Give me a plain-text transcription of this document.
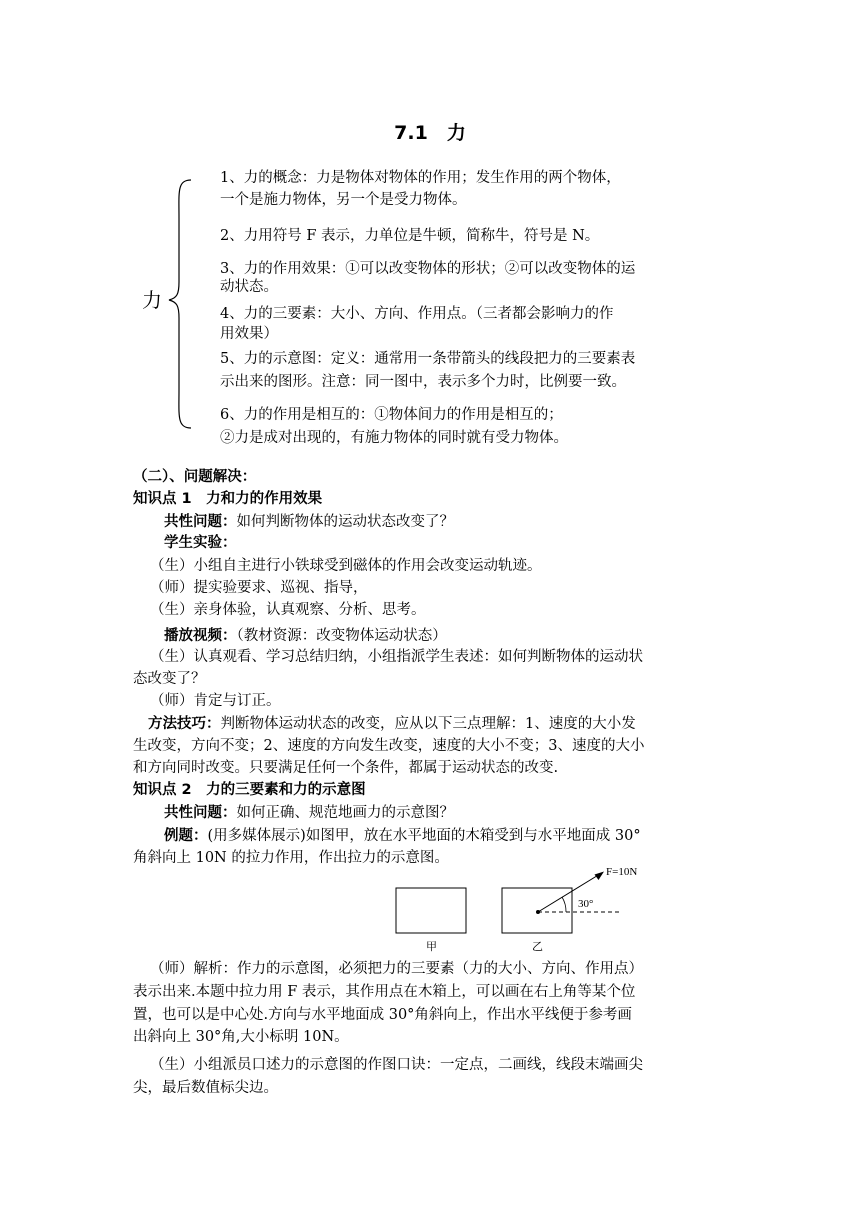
7.1　力
力
1、力的概念：力是物体对物体的作用；发生作用的两个物体，
一个是施力物体，另一个是受力物体。
2、力用符号 F 表示，力单位是牛顿，简称牛，符号是 N。
3、力的作用效果：①可以改变物体的形状；②可以改变物体的运
动状态。
4、力的三要素：大小、方向、作用点。（三者都会影响力的作
用效果）
5、力的示意图：定义：通常用一条带箭头的线段把力的三要素表
示出来的图形。注意：同一图中，表示多个力时，比例要一致。
6、力的作用是相互的：①物体间力的作用是相互的；
②力是成对出现的，有施力物体的同时就有受力物体。
（二）、问题解决：
知识点 1　力和力的作用效果
共性问题：如何判断物体的运动状态改变了？
学生实验：
（生）小组自主进行小铁球受到磁体的作用会改变运动轨迹。
（师）提实验要求、巡视、指导，
（生）亲身体验，认真观察、分析、思考。
播放视频：（教材资源：改变物体运动状态）
（生）认真观看、学习总结归纳，小组指派学生表述：如何判断物体的运动状
态改变了？
（师）肯定与订正。
方法技巧：判断物体运动状态的改变，应从以下三点理解：1、速度的大小发
生改变，方向不变；2、速度的方向发生改变，速度的大小不变；3、速度的大小
和方向同时改变。只要满足任何一个条件，都属于运动状态的改变.
知识点 2　力的三要素和力的示意图
共性问题：如何正确、规范地画力的示意图？
例题：(用多媒体展示)如图甲，放在水平地面的木箱受到与水平地面成 30°
角斜向上 10N 的拉力作用，作出拉力的示意图。
F=10N
30°
甲	乙
（师）解析：作力的示意图，必须把力的三要素（力的大小、方向、作用点）
表示出来.本题中拉力用 F 表示，其作用点在木箱上，可以画在右上角等某个位
置，也可以是中心处.方向与水平地面成 30°角斜向上，作出水平线便于参考画
出斜向上 30°角,大小标明 10N。
（生）小组派员口述力的示意图的作图口诀：一定点，二画线，线段末端画尖
尖，最后数值标尖边。
